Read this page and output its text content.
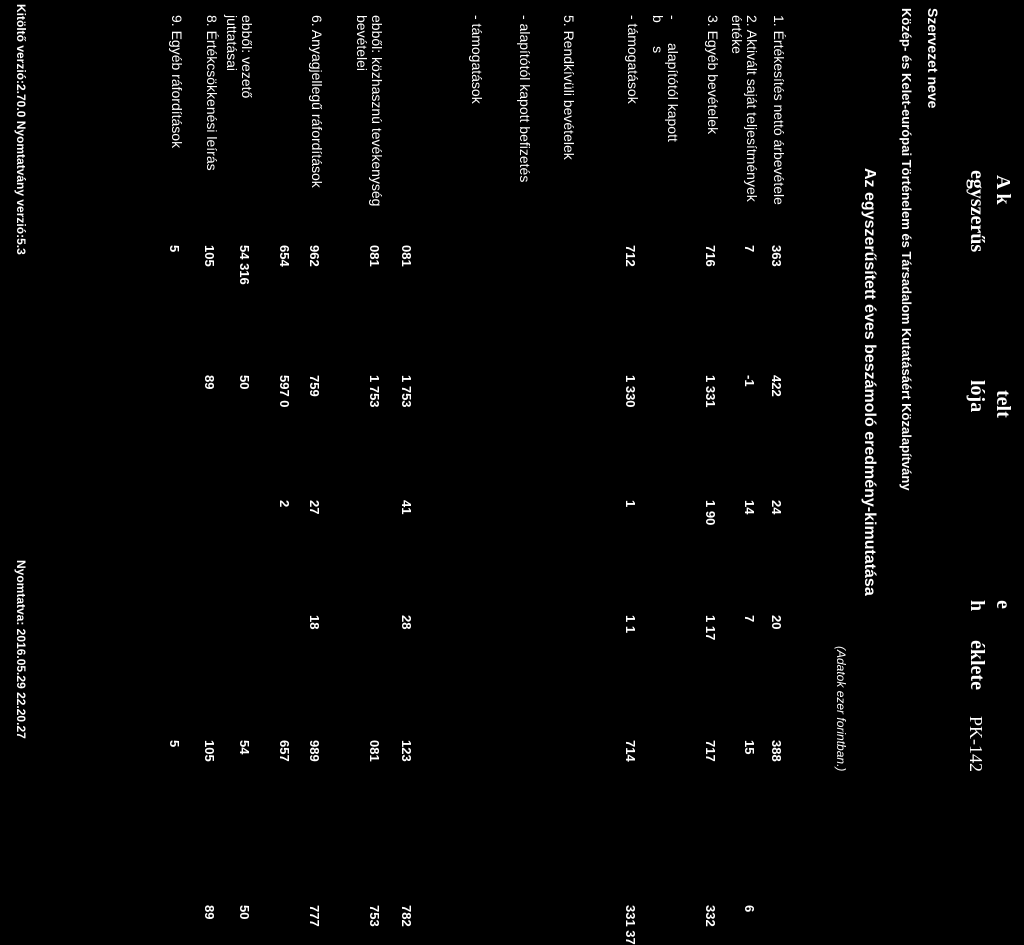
A k
telt
e
egyszerűs
lója
h
éklete
PK-142
Szervezet neve
Közép- és Kelet-európai Történelem és Társadalom Kutatásáért Közalapítvány
Az egyszerűsített éves beszámoló eredmény-kimutatása
(Adatok ezer forintban.)
1. Értékesítés nettó árbevétele
363
422
24
20
388
2. Aktivált saját teljesítmények
értéke
7
-1
14
7
15
6
3. Egyéb bevételek
716
1 331
1 90
1 17
717
332
-      alapítótól kapott
b      s
- támogatások
712
1 330
1
1 1
714
331 37
5. Rendkívüli bevételek
- alapítótól kapott befizetés
- támogatások
081
1 753
41
28
123
782
ebből: közhasznú tevékenység
bevételei
081
1 753
081
753
6. Anyagjellegű ráfordítások
962
759
27
18
989
777
654
597 0
2
657
ebből: vezető
juttatásai
54 316
50
54
50
8. Értékcsökkenési leírás
105
89
105
89
9. Egyéb ráfordítások
5
5
Kitöltő verzió:2.70.0 Nyomtatvány verzió:5.3
Nyomtatva: 2016.05.29 22.20.27
